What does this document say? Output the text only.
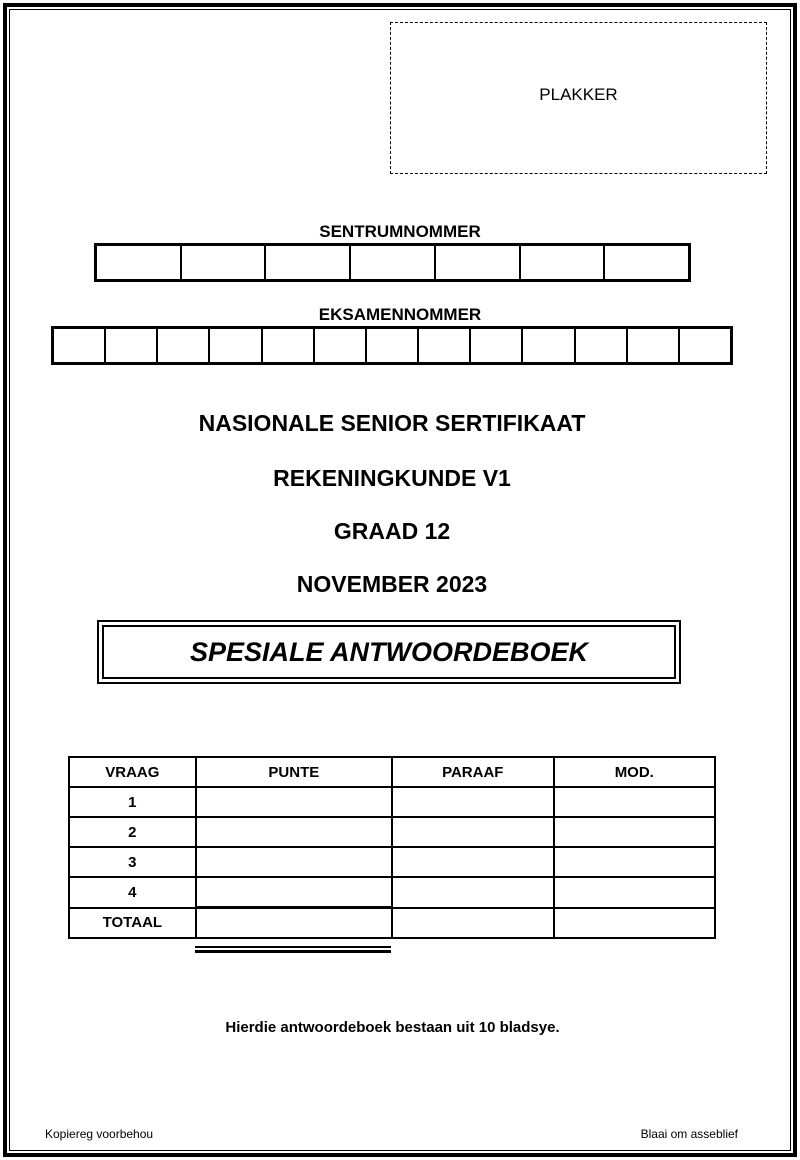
PLAKKER
SENTRUMNOMMER
EKSAMENNOMMER
NASIONALE SENIOR SERTIFIKAAT
REKENINGKUNDE V1
GRAAD 12
NOVEMBER 2023
SPESIALE ANTWOORDEBOEK
VRAAG	PUNTE	PARAAF	MOD.
1			
2			
3			
4			
TOTAAL			
Hierdie antwoordeboek bestaan uit 10 bladsye.
Kopiereg voorbehou	Blaai om asseblief
